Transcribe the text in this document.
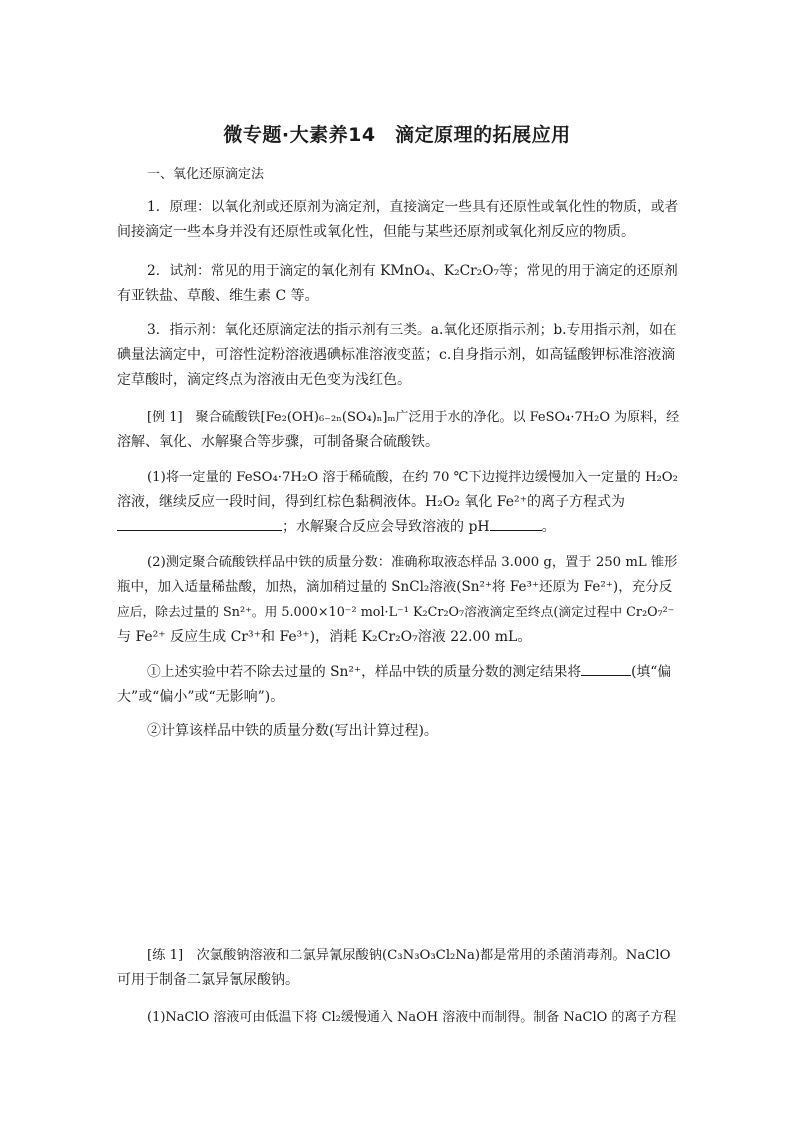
微专题·大素养14　滴定原理的拓展应用
一、氧化还原滴定法
1．原理：以氧化剂或还原剂为滴定剂，直接滴定一些具有还原性或氧化性的物质，或者
间接滴定一些本身并没有还原性或氧化性，但能与某些还原剂或氧化剂反应的物质。
2．试剂：常见的用于滴定的氧化剂有 KMnO₄、K₂Cr₂O₇等；常见的用于滴定的还原剂
有亚铁盐、草酸、维生素 C 等。
3．指示剂：氧化还原滴定法的指示剂有三类。a.氧化还原指示剂；b.专用指示剂，如在
碘量法滴定中，可溶性淀粉溶液遇碘标准溶液变蓝；c.自身指示剂，如高锰酸钾标准溶液滴
定草酸时，滴定终点为溶液由无色变为浅红色。
[例 1]　聚合硫酸铁[Fe₂(OH)₆₋₂ₙ(SO₄)ₙ]ₘ广泛用于水的净化。以 FeSO₄·7H₂O 为原料，经
溶解、氧化、水解聚合等步骤，可制备聚合硫酸铁。
(1)将一定量的 FeSO₄·7H₂O 溶于稀硫酸，在约 70 ℃下边搅拌边缓慢加入一定量的 H₂O₂
溶液，继续反应一段时间，得到红棕色黏稠液体。H₂O₂ 氧化 Fe²⁺的离子方程式为
；水解聚合反应会导致溶液的 pH	。
(2)测定聚合硫酸铁样品中铁的质量分数：准确称取液态样品 3.000 g，置于 250 mL 锥形
瓶中，加入适量稀盐酸，加热，滴加稍过量的 SnCl₂溶液(Sn²⁺将 Fe³⁺还原为 Fe²⁺)，充分反
应后，除去过量的 Sn²⁺。用 5.000×10⁻² mol·L⁻¹ K₂Cr₂O₇溶液滴定至终点(滴定过程中 Cr₂O₇²⁻
与 Fe²⁺ 反应生成 Cr³⁺和 Fe³⁺)，消耗 K₂Cr₂O₇溶液 22.00 mL。
①上述实验中若不除去过量的 Sn²⁺，样品中铁的质量分数的测定结果将	(填“偏
大”或“偏小”或“无影响”)。
②计算该样品中铁的质量分数(写出计算过程)。
[练 1]　次氯酸钠溶液和二氯异氰尿酸钠(C₃N₃O₃Cl₂Na)都是常用的杀菌消毒剂。NaClO
可用于制备二氯异氰尿酸钠。
(1)NaClO 溶液可由低温下将 Cl₂缓慢通入 NaOH 溶液中而制得。制备 NaClO 的离子方程
